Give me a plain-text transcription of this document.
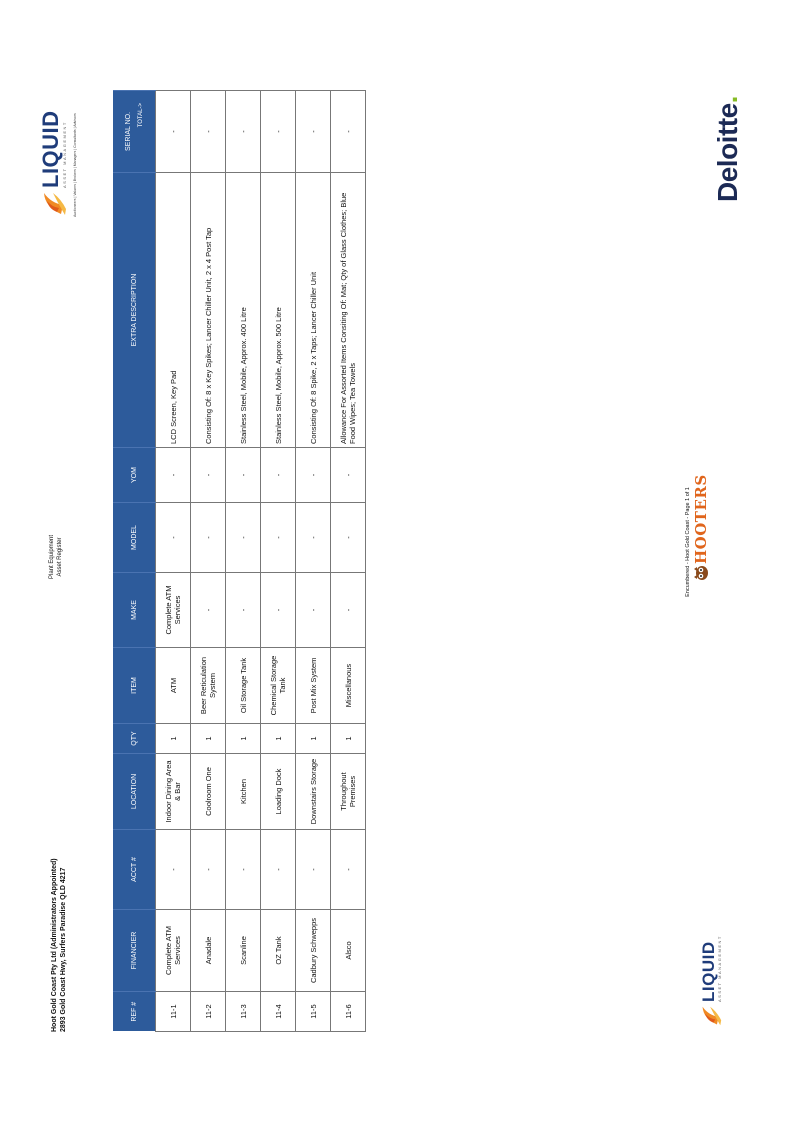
Hoot Gold Coast Pty Ltd (Administrators Appointed) 2893 Gold Coast Hwy, Surfers Paradise QLD 4217
Plant Equipment Asset Register
LIQUID ASSET MANAGEMENT Auctioneers | Valuers | Brokers | Managers | Consultants | Advisors
REF #	FINANCIER	ACCT #	LOCATION	QTY	ITEM	MAKE	MODEL	YOM	EXTRA DESCRIPTION	SERIAL NO. TOTAL->

11-1	Complete ATM Services	-	Indoor Dining Area & Bar	1	ATM	Complete ATM Services	-	-	LCD Screen, Key Pad	-
11-2	Anadale	-	Coolroom One	1	Beer Reticulation System	-	-	-	Consisting Of: 8 x Key Spikes; Lancer Chiller Unit, 2 x 4 Post Tap	-
11-3	Scanline	-	Kitchen	1	Oil Storage Tank	-	-	-	Stainless Steel, Mobile, Approx. 400 Litre	-
11-4	OZ Tank	-	Loading Dock	1	Chemical Storage Tank	-	-	-	Stainless Steel, Mobile, Approx. 500 Litre	-
11-5	Cadbury Schwepps	-	Downstairs Storage	1	Post Mix System	-	-	-	Consisting Of: 8 Spike, 2 x Taps; Lancer Chiller Unit	-
11-6	Alsco	-	Throughout Premises	1	Miscellanous	-	-	-	Allowance For Assorted Items Consiting Of: Mat; Qty of Glass Clothes; Blue Food Wipes; Tea Towels	-
LIQUID ASSET MANAGEMENT
Encumbered - Hoot Gold Coast - Page 1 of 1 HOOTERS
Deloitte.
